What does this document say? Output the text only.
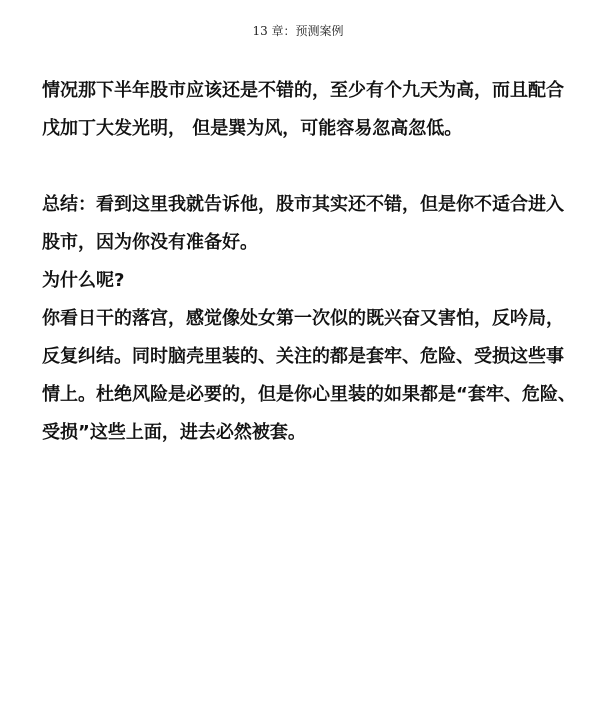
13 章：预测案例
情况那下半年股市应该还是不错的，至少有个九天为高，而且配合
戊加丁大发光明， 但是巽为风，可能容易忽高忽低。
总结：看到这里我就告诉他，股市其实还不错，但是你不适合进入
股市，因为你没有准备好。
为什么呢?
你看日干的落宫，感觉像处女第一次似的既兴奋又害怕，反吟局，
反复纠结。同时脑壳里装的、关注的都是套牢、危险、受损这些事
情上。杜绝风险是必要的，但是你心里装的如果都是“套牢、危险、
受损”这些上面，进去必然被套。
